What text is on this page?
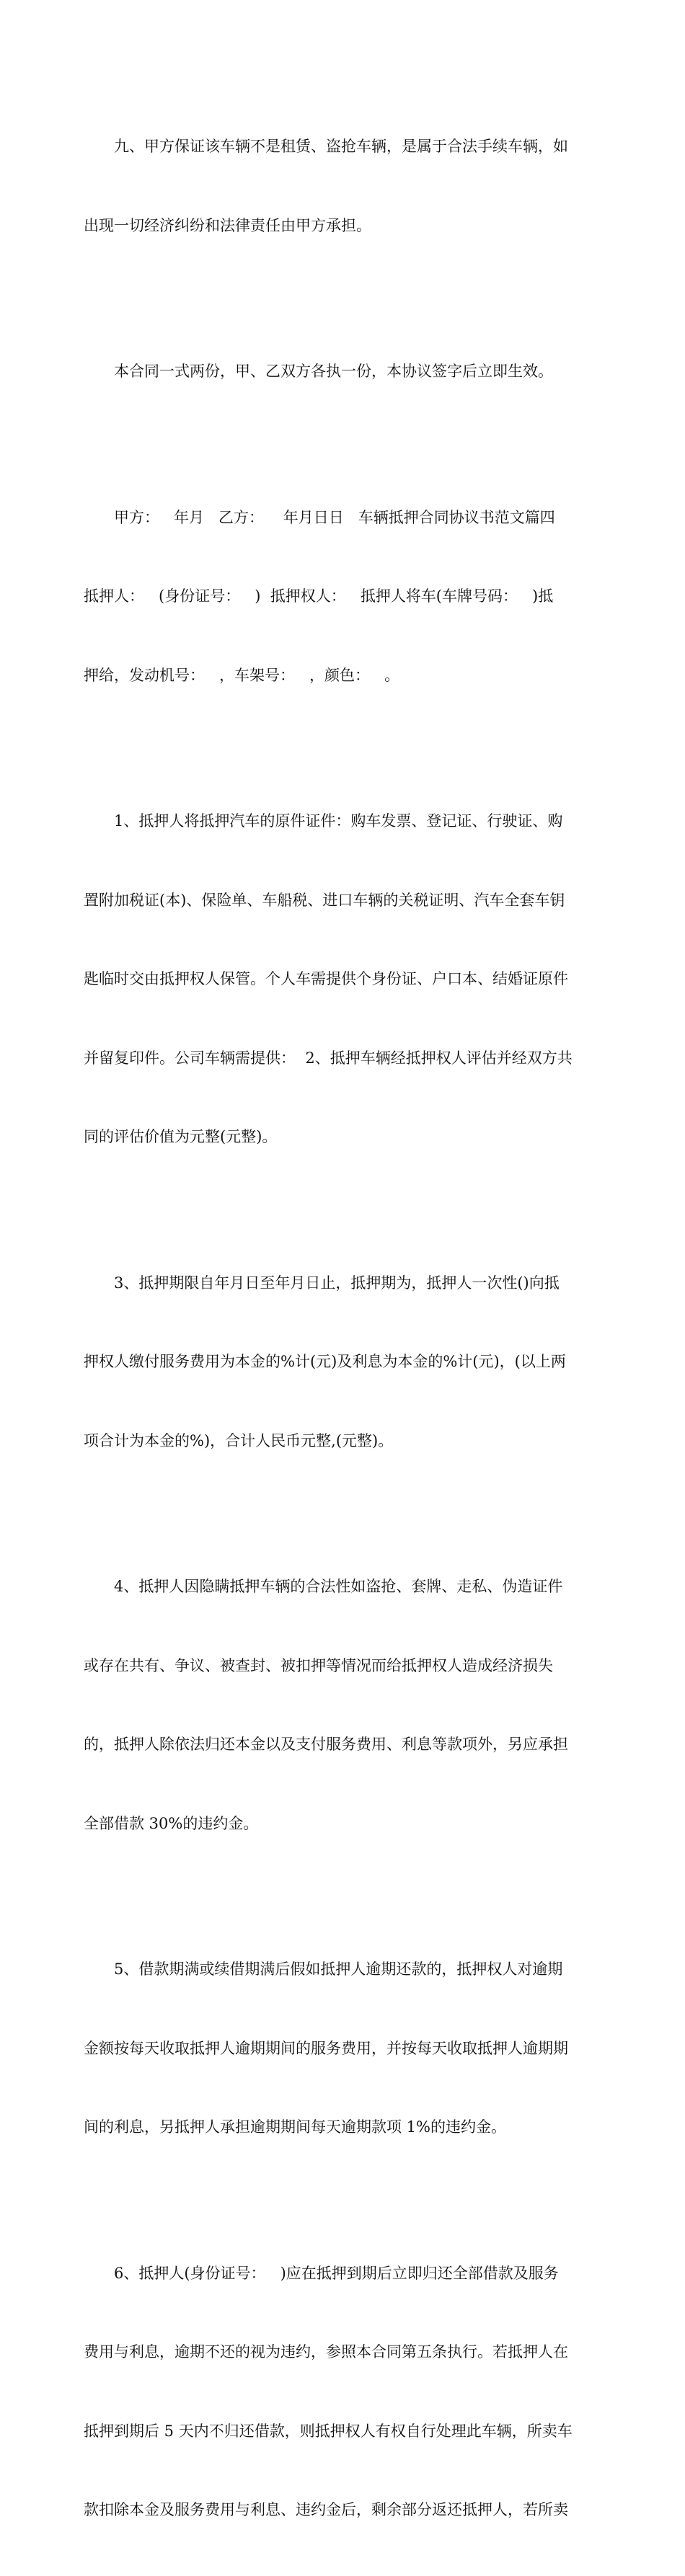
九、甲方保证该车辆不是租赁、盗抢车辆，是属于合法手续车辆，如

出现一切经济纠纷和法律责任由甲方承担。

本合同一式两份，甲、乙双方各执一份，本协议签字后立即生效。

甲方：   年月   乙方：    年月日日   车辆抵押合同协议书范文篇四

抵押人：   (身份证号：   )  抵押权人：   抵押人将车(车牌号码：   )抵

押给，发动机号：   ，车架号：   ，颜色：   。

1、抵押人将抵押汽车的原件证件：购车发票、登记证、行驶证、购

置附加税证(本)、保险单、车船税、进口车辆的关税证明、汽车全套车钥

匙临时交由抵押权人保管。个人车需提供个身份证、户口本、结婚证原件

并留复印件。公司车辆需提供：  2、抵押车辆经抵押权人评估并经双方共

同的评估价值为元整(元整)。

3、抵押期限自年月日至年月日止，抵押期为，抵押人一次性()向抵

押权人缴付服务费用为本金的%计(元)及利息为本金的%计(元)，(以上两

项合计为本金的%)，合计人民币元整,(元整)。

4、抵押人因隐瞒抵押车辆的合法性如盗抢、套牌、走私、伪造证件

或存在共有、争议、被查封、被扣押等情况而给抵押权人造成经济损失

的，抵押人除依法归还本金以及支付服务费用、利息等款项外，另应承担

全部借款 30%的违约金。

5、借款期满或续借期满后假如抵押人逾期还款的，抵押权人对逾期

金额按每天收取抵押人逾期期间的服务费用，并按每天收取抵押人逾期期

间的利息，另抵押人承担逾期期间每天逾期款项 1%的违约金。

6、抵押人(身份证号：   )应在抵押到期后立即归还全部借款及服务

费用与利息，逾期不还的视为违约，参照本合同第五条执行。若抵押人在

抵押到期后 5 天内不归还借款，则抵押权人有权自行处理此车辆，所卖车

款扣除本金及服务费用与利息、违约金后，剩余部分返还抵押人，若所卖
